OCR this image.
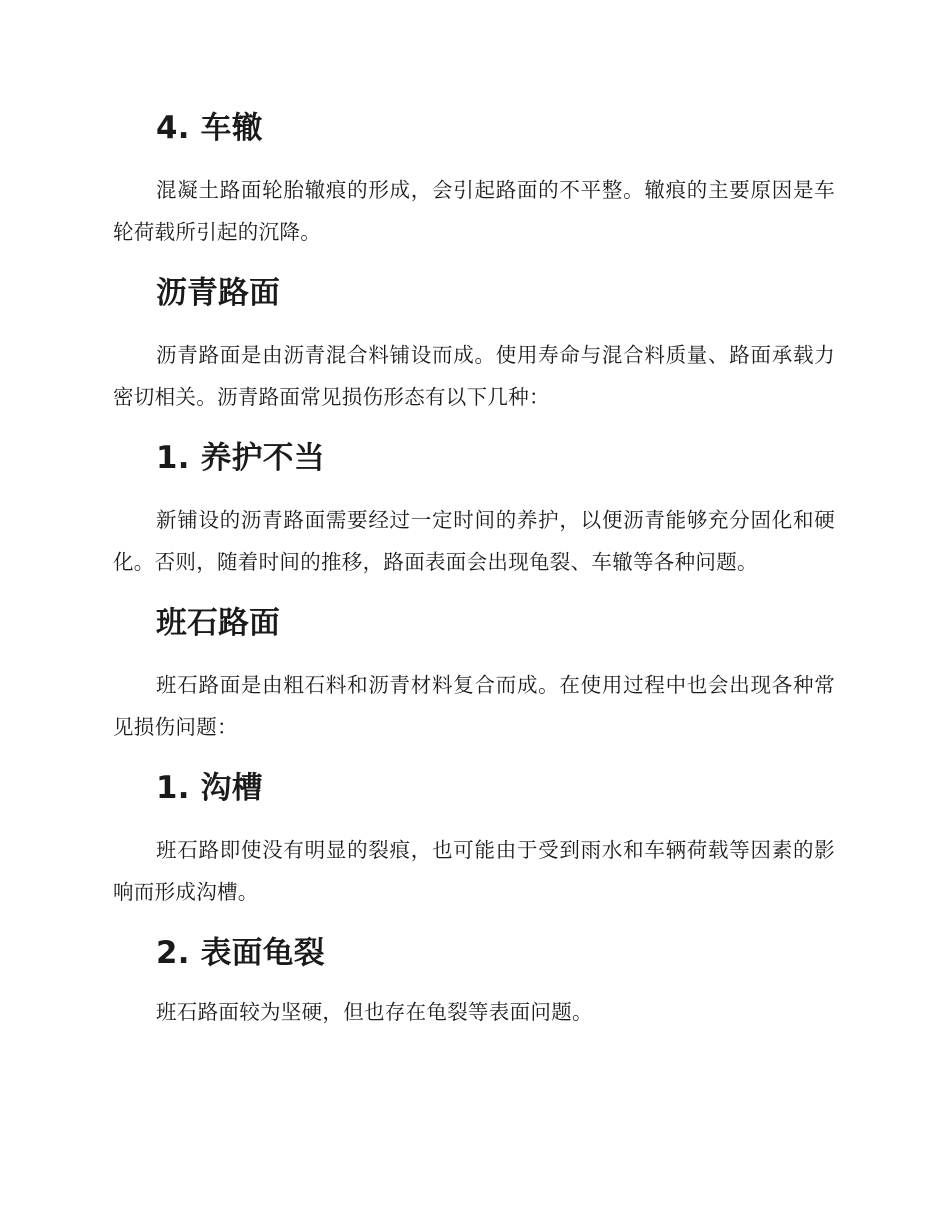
4. 车辙

混凝土路面轮胎辙痕的形成，会引起路面的不平整。辙痕的主要原因是车轮荷载所引起的沉降。

沥青路面

沥青路面是由沥青混合料铺设而成。使用寿命与混合料质量、路面承载力密切相关。沥青路面常见损伤形态有以下几种：

1. 养护不当

新铺设的沥青路面需要经过一定时间的养护，以便沥青能够充分固化和硬化。否则，随着时间的推移，路面表面会出现龟裂、车辙等各种问题。

班石路面

班石路面是由粗石料和沥青材料复合而成。在使用过程中也会出现各种常见损伤问题：

1. 沟槽

班石路即使没有明显的裂痕，也可能由于受到雨水和车辆荷载等因素的影响而形成沟槽。

2. 表面龟裂

班石路面较为坚硬，但也存在龟裂等表面问题。
